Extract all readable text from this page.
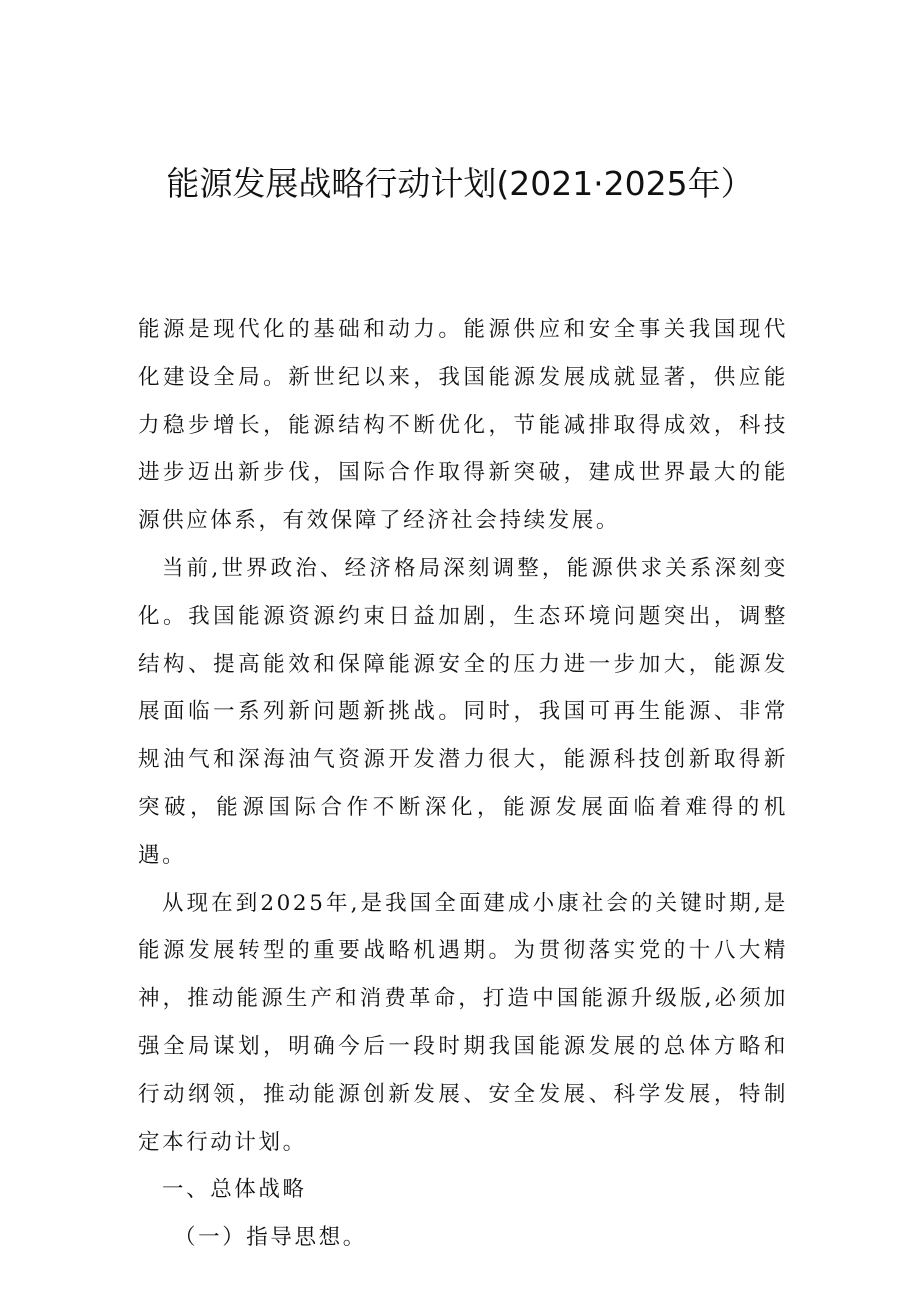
能源发展战略行动计划(2021·2025年）

能源是现代化的基础和动力。能源供应和安全事关我国现代化建设全局。新世纪以来，我国能源发展成就显著，供应能力稳步增长，能源结构不断优化，节能减排取得成效，科技进步迈出新步伐，国际合作取得新突破，建成世界最大的能源供应体系，有效保障了经济社会持续发展。

当前,世界政治、经济格局深刻调整，能源供求关系深刻变化。我国能源资源约束日益加剧，生态环境问题突出，调整结构、提高能效和保障能源安全的压力进一步加大，能源发展面临一系列新问题新挑战。同时，我国可再生能源、非常规油气和深海油气资源开发潜力很大，能源科技创新取得新突破，能源国际合作不断深化，能源发展面临着难得的机遇。

从现在到2025年,是我国全面建成小康社会的关键时期,是能源发展转型的重要战略机遇期。为贯彻落实党的十八大精神，推动能源生产和消费革命，打造中国能源升级版,必须加强全局谋划，明确今后一段时期我国能源发展的总体方略和行动纲领，推动能源创新发展、安全发展、科学发展，特制定本行动计划。

一、总体战略

（一）指导思想。
